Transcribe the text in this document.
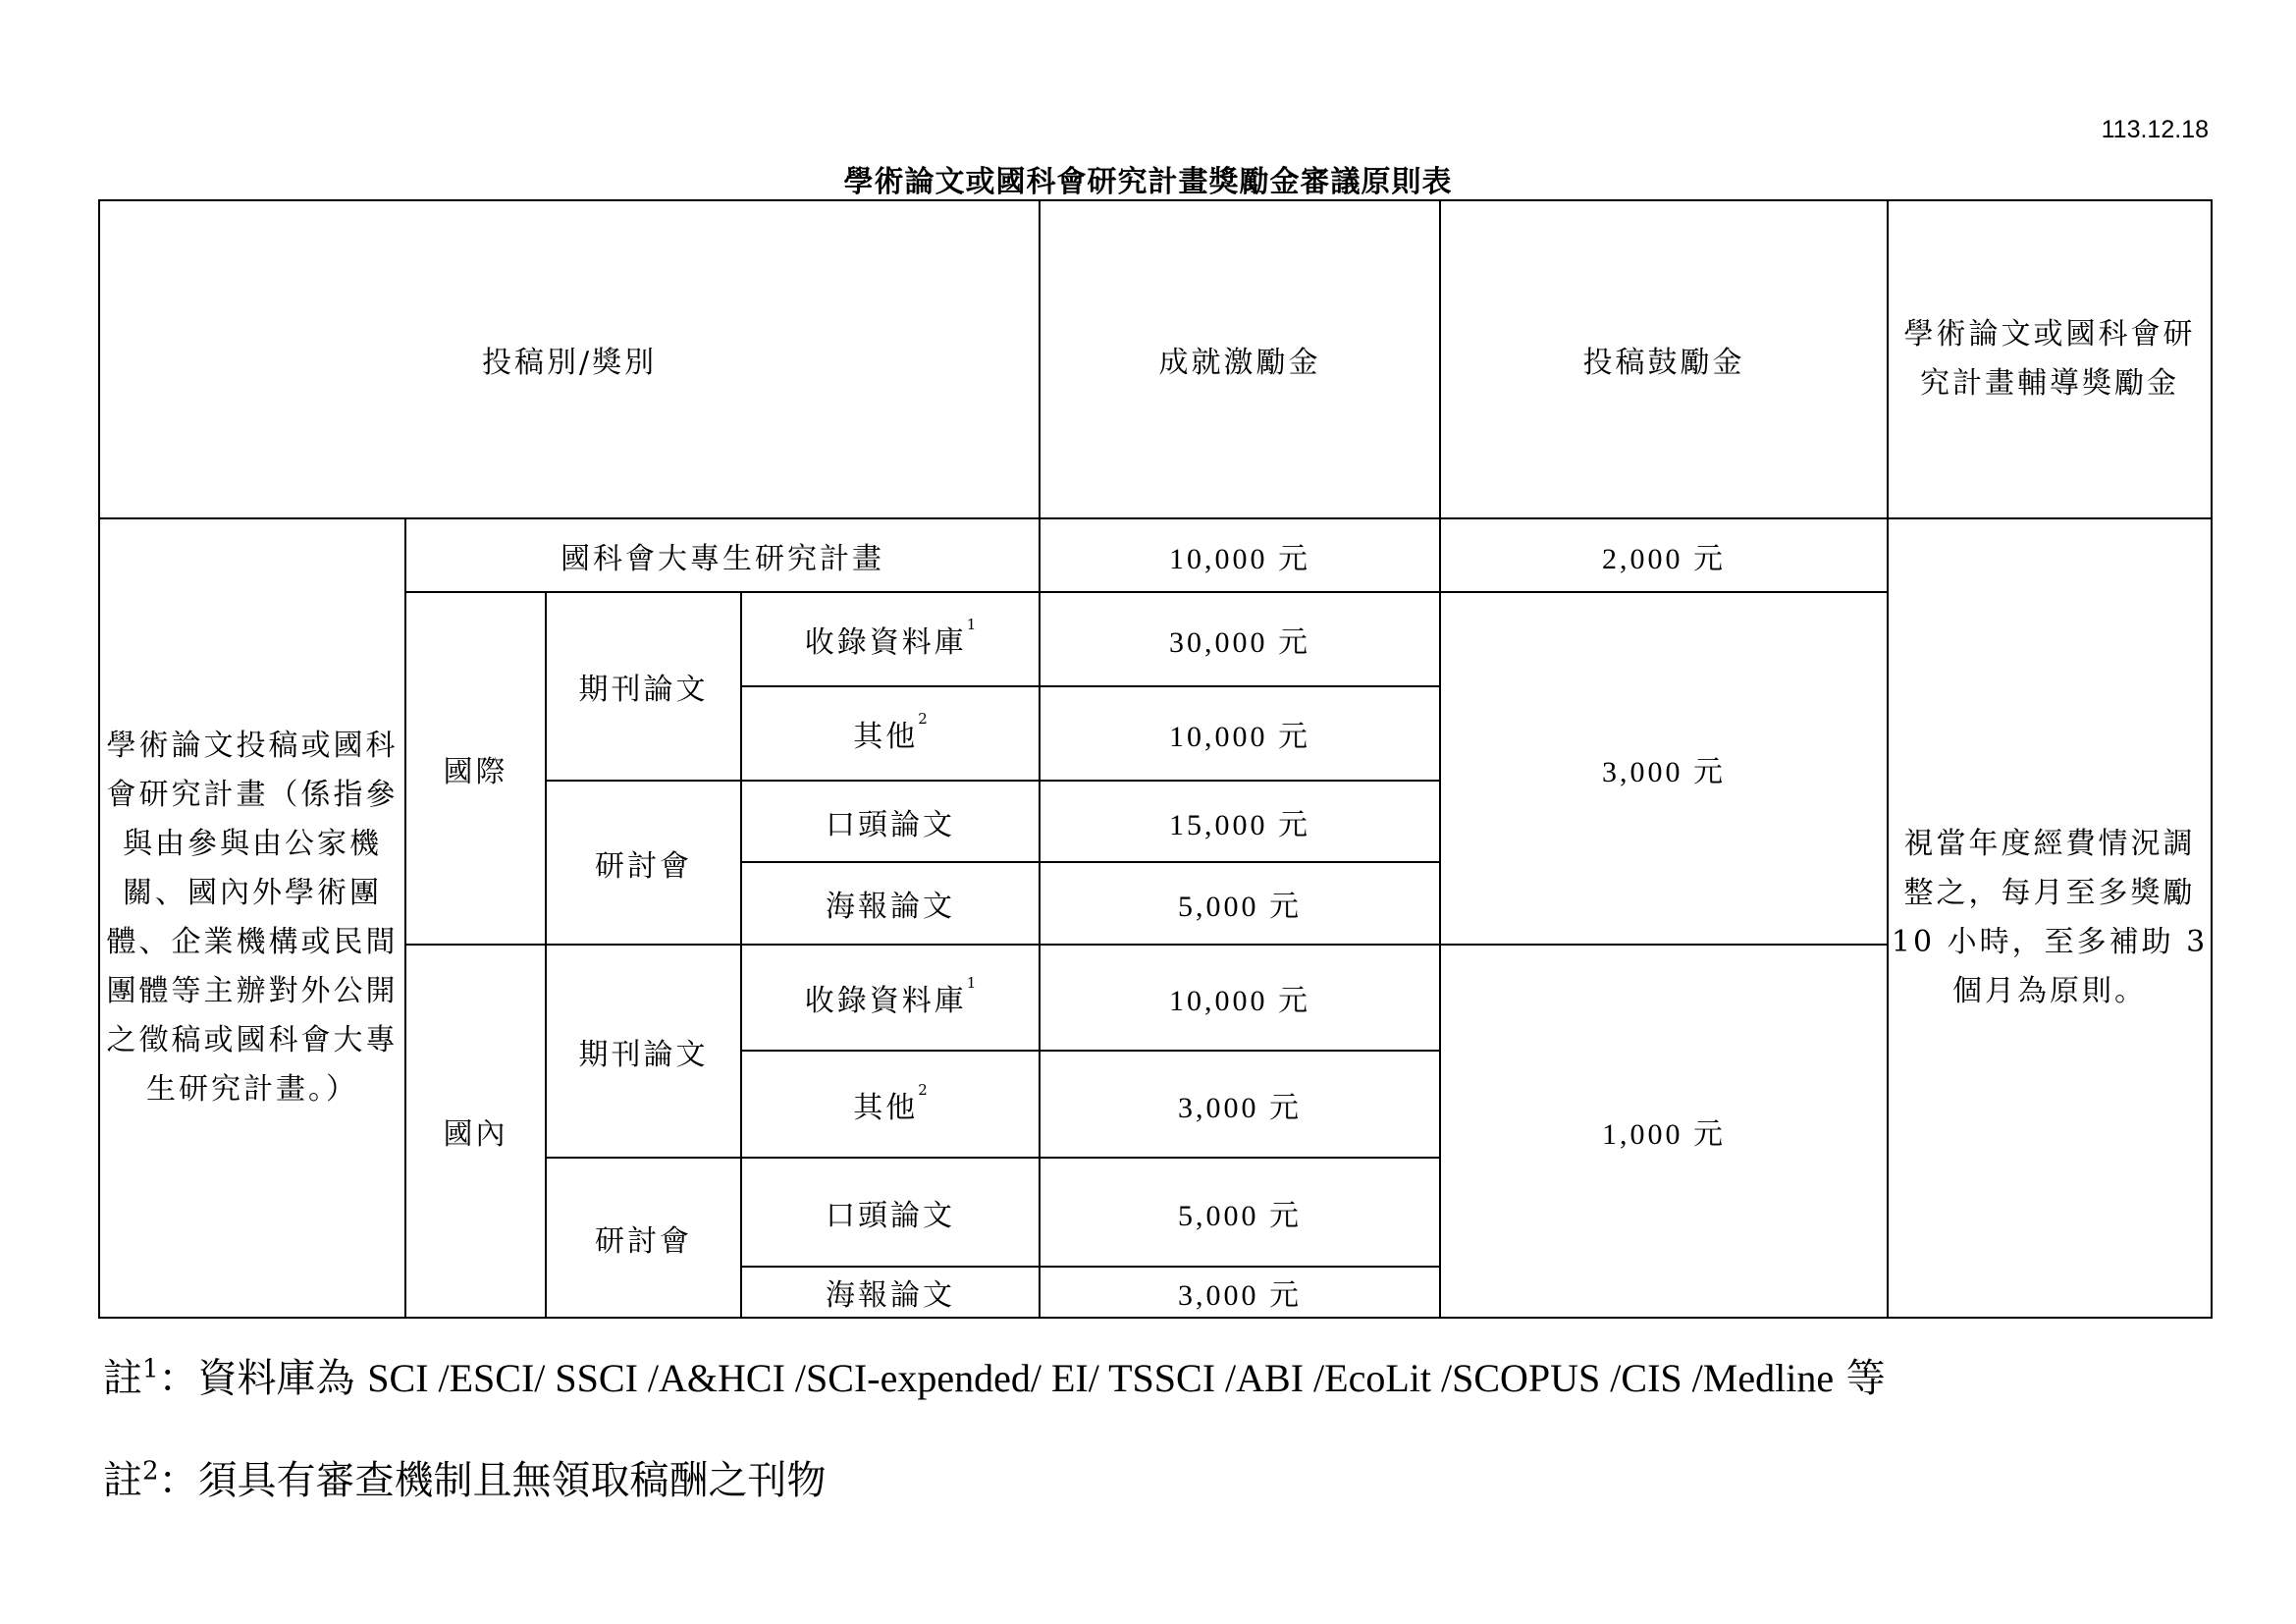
113.12.18
學術論文或國科會研究計畫獎勵金審議原則表
投稿別/獎別				成就激勵金	投稿鼓勵金	學術論文或國科會研究計畫輔導獎勵金
學術論文投稿或國科會研究計畫（係指參與由參與由公家機關、國內外學術團體、企業機構或民間團體等主辦對外公開之徵稿或國科會大專生研究計畫。）	國科會大專生研究計畫			10,000 元	2,000 元	視當年度經費情況調整之，每月至多獎勵 10 小時，至多補助 3 個月為原則。
	國際	期刊論文	收錄資料庫$^1$	30,000 元	3,000 元	
			其他$^2$	10,000 元		
		研討會	口頭論文	15,000 元		
			海報論文	5,000 元		
	國內	期刊論文	收錄資料庫$^1$	10,000 元	1,000 元	
			其他$^2$	3,000 元		
		研討會	口頭論文	5,000 元		
			海報論文	3,000 元		
註$^1$：資料庫為 SCI /ESCI/ SSCI /A&HCI /SCI-expended/ EI/ TSSCI /ABI /EcoLit /SCOPUS /CIS /Medline 等
註$^2$：須具有審查機制且無領取稿酬之刊物
